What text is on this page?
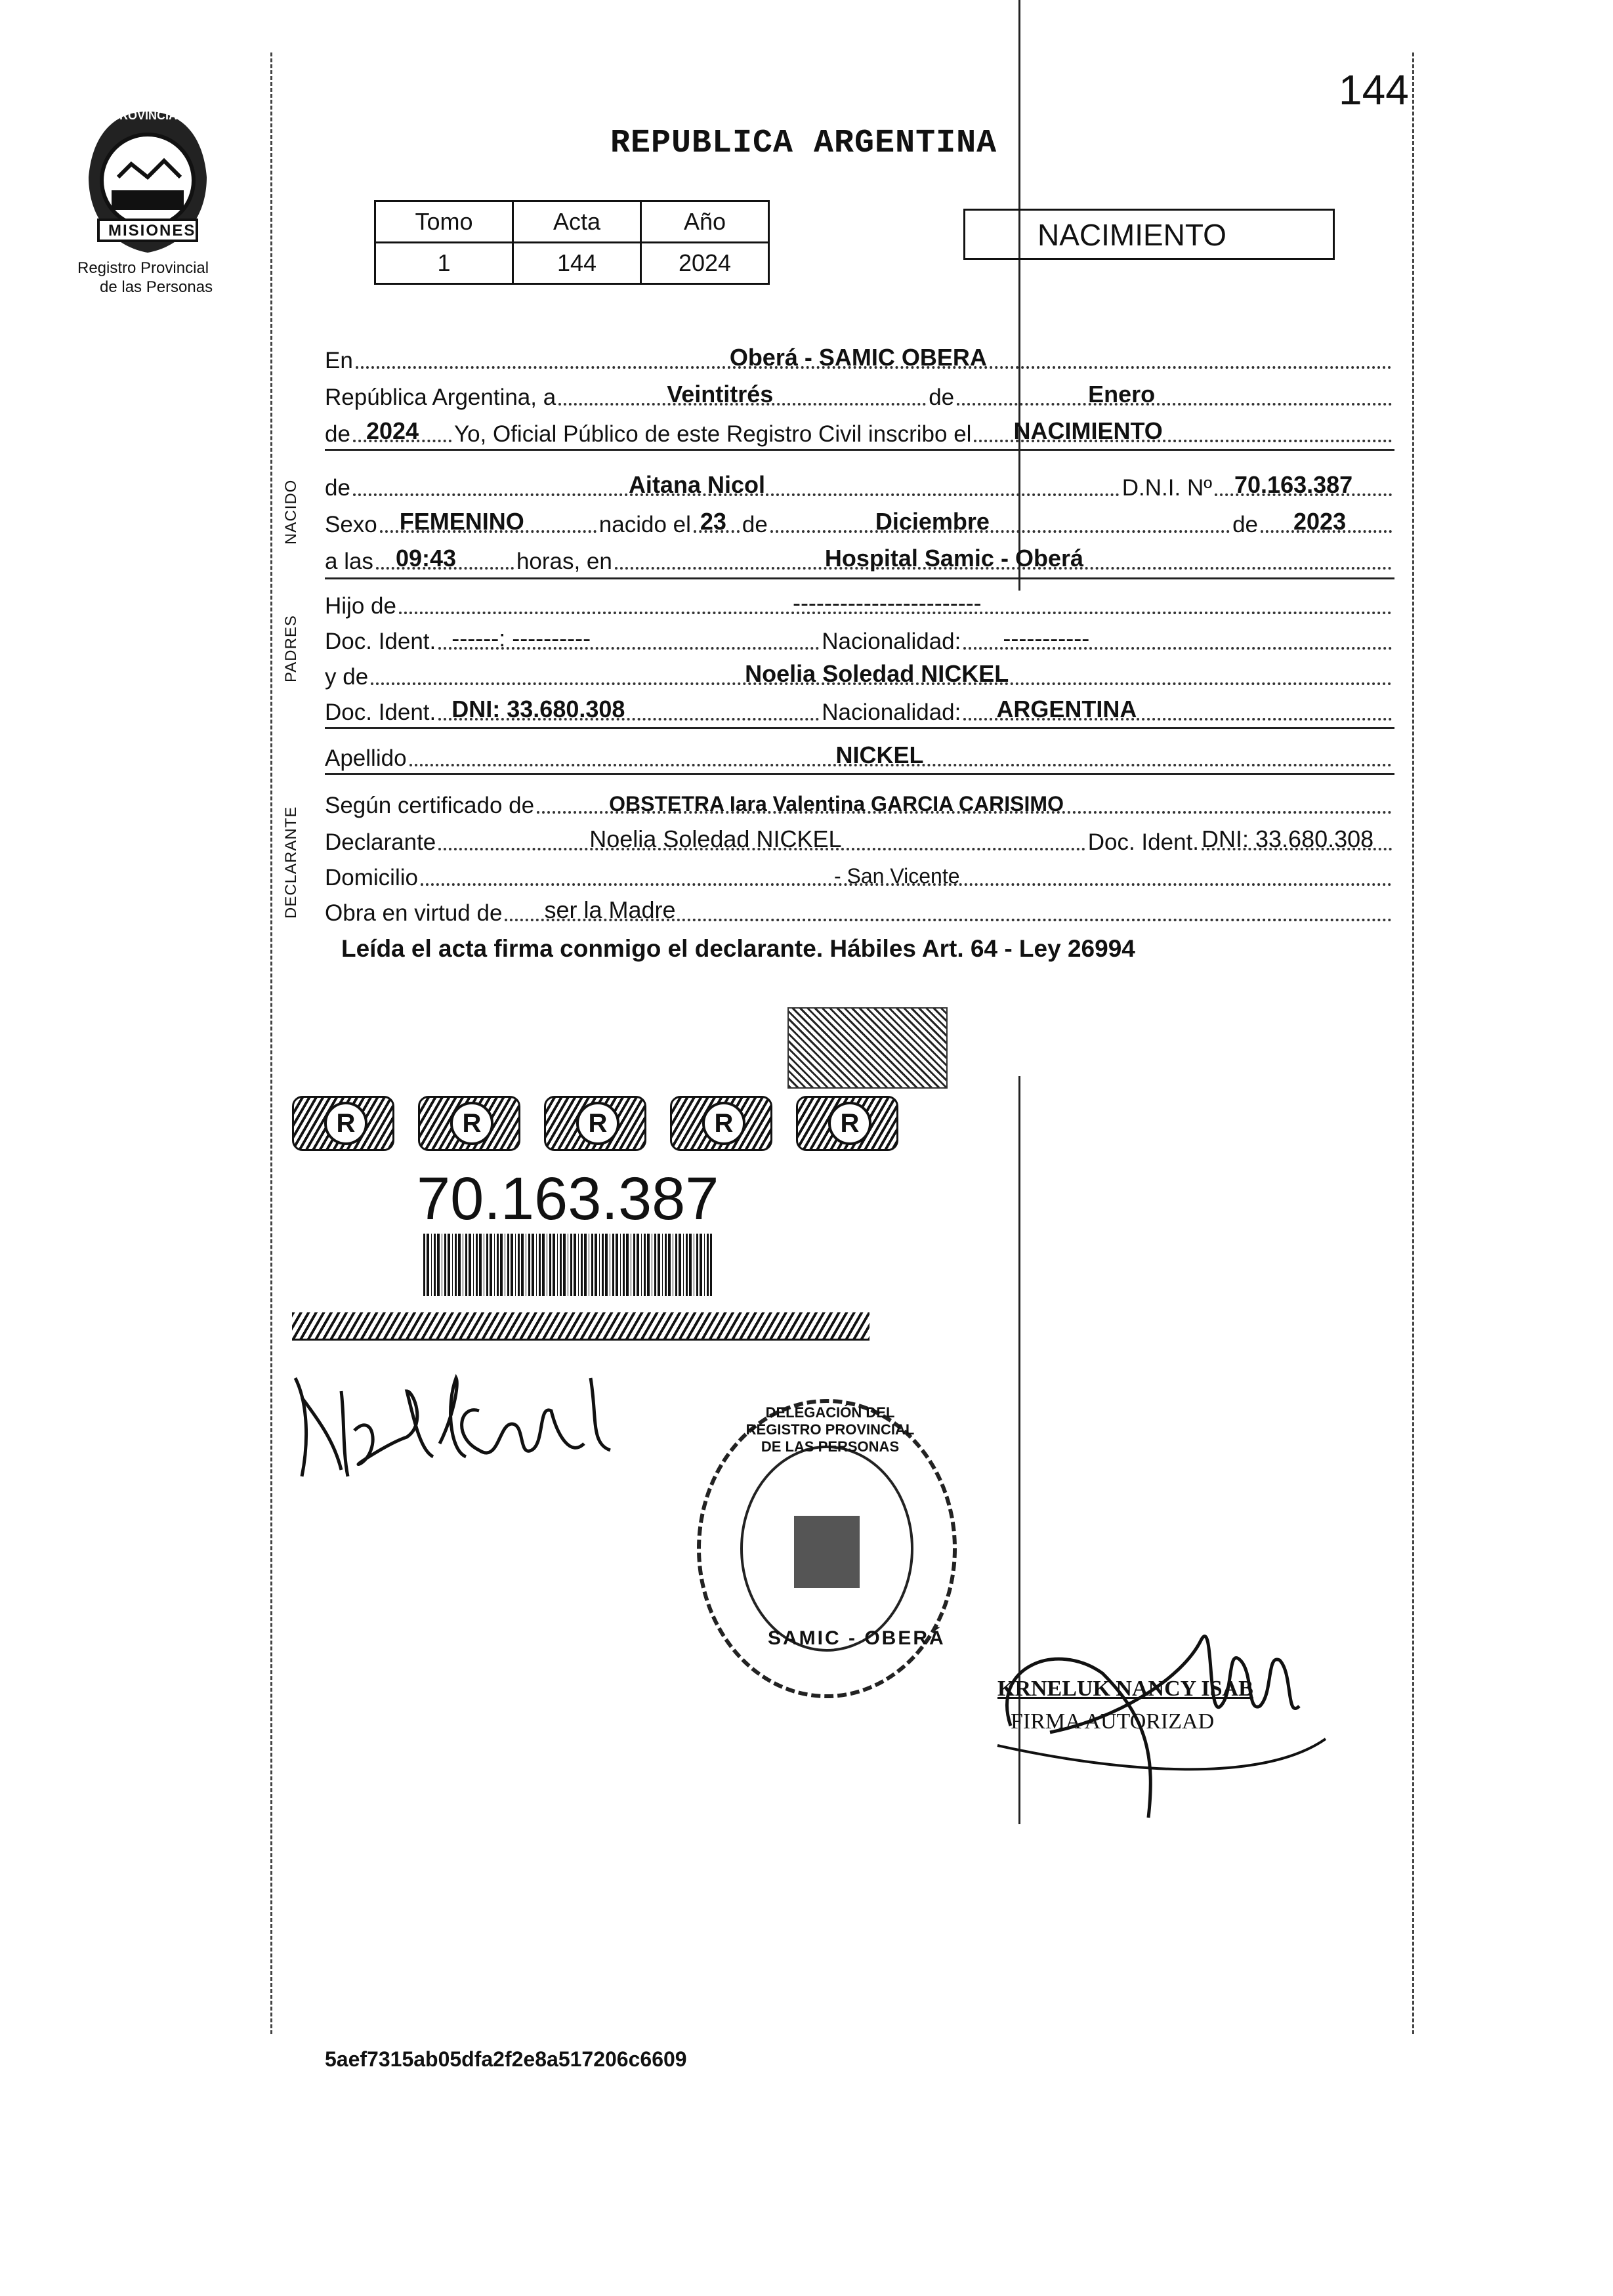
144
PROVINCIA DE
MISIONES
Registro Provincial
de las Personas
REPUBLICA ARGENTINA
Tomo	Acta	Año
1	144	2024
NACIMIENTO
En	Oberá - SAMIC OBERA
República Argentina, a	Veintitrés	de	Enero
de 2024 Yo, Oficial Público de este Registro Civil inscribo el NACIMIENTO
NACIDO de	Aitana Nicol	D.N.I. Nº 70.163.387
Sexo FEMENINO	nacido el 23 de	Diciembre	de 2023
a las 09:43	horas, en	Hospital Samic - Oberá
PADRES
Hijo de	------------------------
Doc. Ident. ------: ----------	Nacionalidad: -----------
y de	Noelia Soledad NICKEL
Doc. Ident. DNI: 33.680.308	Nacionalidad: ARGENTINA
Apellido	NICKEL
DECLARANTE
Según certificado de	OBSTETRA Iara Valentina GARCIA CARISIMO
Declarante	Noelia Soledad NICKEL	Doc. Ident. DNI: 33.680.308
Domicilio	- San Vicente
Obra en virtud de ser la Madre
Leída el acta firma conmigo el declarante. Hábiles Art. 64 - Ley 26994
R	R	R	R	R
70.163.387
DELEGACIÓN DEL REGISTRO PROVINCIAL DE LAS PERSONAS
SAMIC - OBERÁ
KRNELUK NANCY ISAB
FIRMA AUTORIZAD
5aef7315ab05dfa2f2e8a517206c6609
